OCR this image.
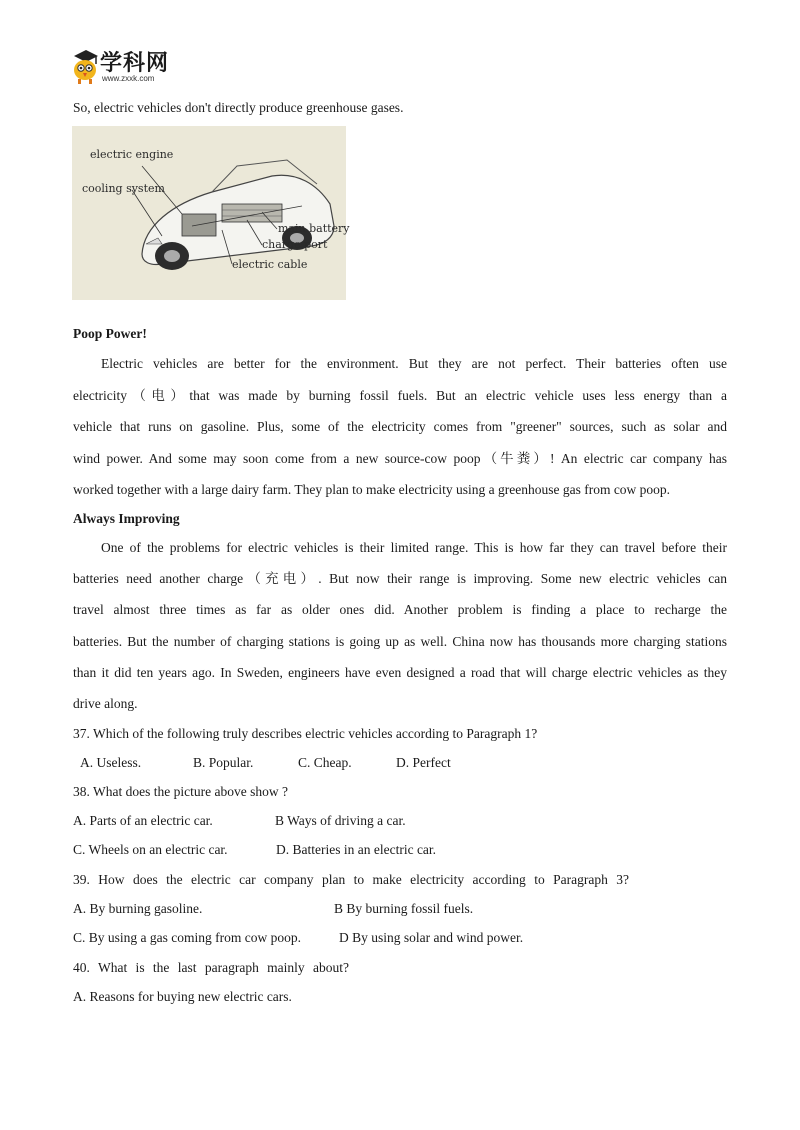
学科网
www.zxxk.com
So, electric vehicles don't directly produce greenhouse gases.
electric engine
cooling system
main battery
charge port
electric cable
Poop Power!
Electric vehicles are better for the environment. But they are not perfect. Their batteries often use
electricity（电）that was made by burning fossil fuels. But an electric vehicle uses less energy than a
vehicle that runs on gasoline. Plus, some of the electricity comes from "greener" sources, such as solar and
wind power. And some may soon come from a new source-cow poop（牛粪）! An electric car company has
worked together with a large dairy farm. They plan to make electricity using a greenhouse gas from cow poop.
Always Improving
One of the problems for electric vehicles is their limited range. This is how far they can travel before their
batteries need another charge（充电）. But now their range is improving. Some new electric vehicles can
travel almost three times as far as older ones did. Another problem is finding a place to recharge the
batteries. But the number of charging stations is going up as well. China now has thousands more charging stations
than it did ten years ago. In Sweden, engineers have even designed a road that will charge electric vehicles as they
drive along.
37. Which of the following truly describes electric vehicles according to Paragraph 1?
A. Useless.	B. Popular.	C. Cheap.	D. Perfect
38. What does the picture above show ?
A. Parts of an electric car.	B Ways of driving a car.
C. Wheels on an electric car.	D. Batteries in an electric car.
39. How does the electric car company plan to make electricity according to Paragraph 3?
A. By burning gasoline.	B By burning fossil fuels.
C. By using a gas coming from cow poop.	D By using solar and wind power.
40. What is the last paragraph mainly about?
A. Reasons for buying new electric cars.
